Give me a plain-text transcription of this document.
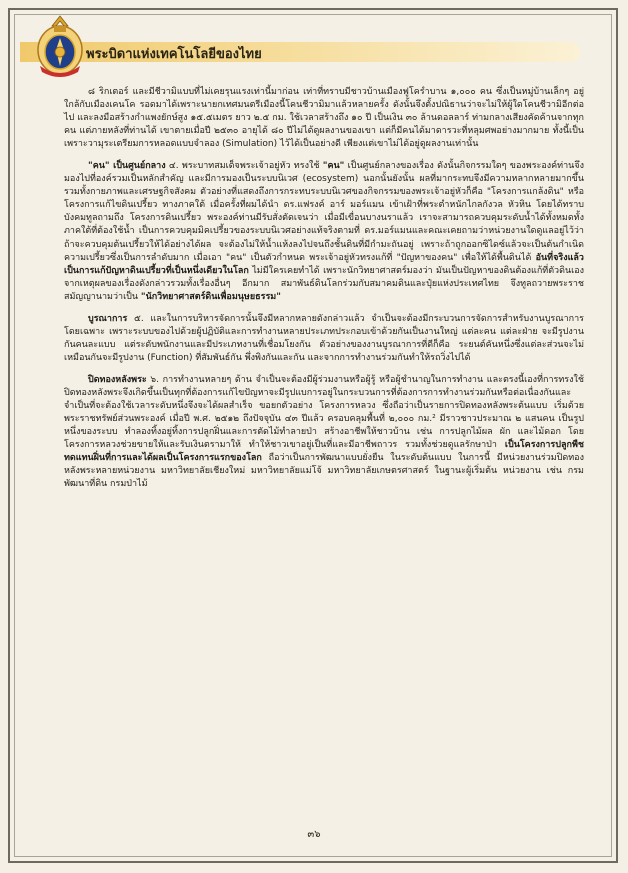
พระบิดาแห่งเทคโนโลยีของไทย

๘ ริกเตอร์ และมีชีวามิแบบที่ไม่เคยรุนแรงเท่านี้มาก่อน เท่าที่ทราบมีชาวบ้านเมืองฟูโครำบาน ๑,๐๐๐ คน ซึ่งเป็นหมู่บ้านเล็กๆ อยู่ใกล้กับเมืองเคนโค รอดมาได้เพราะนายกเทศมนตรีเมืองนี้โคนชีวามิมาแล้วหลายครั้ง ดังนั้นจึงตั้งปณิธานว่าจะไม่ให้ผู้ใดโคนชีวามิอีกต่อไป และลงมือสร้างกำแพงยักษ์สูง ๑๕.๕เมตร ยาว ๒.๕ กม. ใช้เวลาสร้างถึง ๑๐ ปี เป็นเงิน ๓๐ ล้านดอลลาร์ ท่ามกลางเสียงคัดค้านจากทุกคน แต่ภายหลังที่ท่านได้ เขาตายเมื่อปี ๒๕๓๐ อายุได้ ๘๐ ปีไม่ได้ดูผลงานของเขา แต่ก็มีคนได้มาดารวะที่หลุมศพอย่างมากมาย ทั้งนี้เป็นเพราะวามุระเตรียมการหลอดแบบจำลอง (Simulation) ไว้ได้เป็นอย่างดี เพียงแต่เขาไม่ได้อยู่ดูผลงานเท่านั้น

"คน" เป็นศูนย์กลาง ๔. พระบาทสมเด็จพระเจ้าอยู่หัว ทรงใช้ "คน" เป็นศูนย์กลางของเรื่อง ดังนั้นกิจกรรมใดๆ ของพระองค์ท่านจึงมองไปที่องค์รวมเป็นหลักสำคัญ และมีการมองเป็นระบบนิเวศ (ecosystem) นอกนั้นยังนั้น ผลที่มากระทบจึงมีความหลากหลายมากขึ้น รวมทั้งกายภาพและเศรษฐกิจสังคม ตัวอย่างที่แสดงถึงการกระทบระบบนิเวศของกิจกรรมของพระเจ้าอยู่หัวก็คือ "โครงการแกล้งดิน" หรือโครงการแก้ไขดินเปรี้ยว ทางภาคใต้ เมื่อครั้งที่ผมได้นำ ดร.แฟรงค์ อาร์ มอร์แมน เข้าเฝ้าที่พระตำหนักไกลกังวล หัวหิน โดยได้ทราบบังคมทูลถามถึง โครงการดินเปรี้ยว พระองค์ท่านมีรับสั่งตัดเจนว่า เมื่อมีเขื่อนบางนราแล้ว เราจะสามารถควบคุมระดับน้ำได้ทั้งหมดทั้งภาคใต้ที่ต้องใช้น้ำ เป็นการควบคุมมิคเปรี้ยวของระบบนิเวศอย่างแท้จริงตามที่ ดร.มอร์แมนและคณะเคยถามว่าหน่วยงานใดดูแลอยู่ไว้ว่า ถ้าจะควบคุมต้นเปรี้ยวให้ได้อย่างได้ผล จะต้องไม่ให้น้ำแห้งลงไปจนถึงชั้นดินที่มีกำมะถันอยู่ เพราะถ้าถูกออกซิไดซ์แล้วจะเป็นต้นกำเนิดความเปรี้ยวซึ่งเป็นการลำดับมาก เมื่อเอา "คน" เป็นตัวกำหนด พระเจ้าอยู่หัวทรงแก้ที่ "ปัญหาของคน" เพื่อให้ได้พื้นดินได้ อันที่จริงแล้วเป็นการแก้ปัญหาดินเปรี้ยวที่เป็นหนึ่งเดียวในโลก ไม่มีใครเคยทำได้ เพราะนักวิทยาศาสตร์มองว่า มันเป็นปัญหาของดินต้องแก้ที่ตัวดินเองจากเหตุผลของเรื่องดังกล่าวรวมทั้งเรื่องอื่นๆ อีกมาก สมาพันธ์ดินโลกร่วมกับสมาคมดินและปุ๋ยแห่งประเทศไทย จึงทูลถวายพระราชสมัญญานามว่าเป็น "นักวิทยาศาสตร์ดินเพื่อมนุษยธรรม"

บูรณาการ ๕. และในการบริหารจัดการนั้นจึงมีหลากหลายดังกล่าวแล้ว จำเป็นจะต้องมีกระบวนการจัดการสำหรับงานบูรณาการโดยเฉพาะ เพราะระบบของไปด้วยผู้ปฏิบัติและการทำงานหลายประเภทประกอบเข้าด้วยกันเป็นงานใหญ่ แต่ละคน แต่ละฝ่าย จะมีรูปงานกันคนละแบบ แต่ระดับพนักงานและมีประเภทงานที่เชื่อมโยงกัน ตัวอย่างของงานบูรณาการที่ดีก็คือ ระยนต์คันหนึ่งซึ่งแต่ละส่วนจะไม่เหมือนกันจะมีรูปงาน (Function) ที่สัมพันธ์กัน พึ่งพิงกันและกัน และจากการทำงานร่วมกันทำให้รถวิ่งไปได้

ปิดทองหลังพระ ๖. การทำงานหลายๆ ด้าน จำเป็นจะต้องมีผู้ร่วมงานหรือผู้รู้ หรือผู้ชำนาญในการทำงาน และตรงนี้เองที่การทรงใช้ปิดทองหลังพระจึงเกิดขึ้นเป็นทุกที่ต้องการแก้ไขปัญหาจะมีรูปแบการอยู่ในกระบวนการที่ต้องการการทำงานร่วมกันหรือต่อเนื่องกันและจำเป็นที่จะต้องใช้เวลาระดับหนึ่งจึงจะได้ผลสำเร็จ ขอยกตัวอย่าง โครงการหลวง ซึ่งถือว่าเป็นรายการปิดทองหลังพระต้นแบบ เริ่มด้วยพระราชทรัพย์ส่วนพระองค์ เมื่อปี พ.ศ. ๒๕๑๒ ถึงปัจจุบัน ๔๓ ปีแล้ว ครอบคลุมพื้นที่ ๒,๐๐๐ กม.² มีราวชาวประมาณ ๒ แสนคน เป็นรูปหนึ่งของระบบ ทำลองทิ้งอยู่ทิ้งการปลูกฝิ่นและการตัดไม้ทำลายป่า สร้างอาชีพให้ชาวบ้าน เช่น การปลูกไม้ผล ผัก และไม้ดอก โดยโครงการหลวงช่วยขายให้และรับเงินตรามาให้ ทำให้ชาวเขาอยู่เป็นที่และมีอาชีพถาวร รวมทั้งช่วยดูแลรักษาป่า เป็นโครงการปลูกพืชทดแทนฝิ่นที่การและได้ผลเป็นโครงการแรกของโลก ถือว่าเป็นการพัฒนาแบบยั่งยืน ในระดับต้นแบบ ในการนี้ มีหน่วยงานร่วมปิดทองหลังพระหลายหน่วยงาน มหาวิทยาลัยเชียงใหม่ มหาวิทยาลัยแม่โจ้ มหาวิทยาลัยเกษตรศาสตร์ ในฐานะผู้เริ่มต้น หน่วยงาน เช่น กรมพัฒนาที่ดิน กรมป่าไม้

๓๖
